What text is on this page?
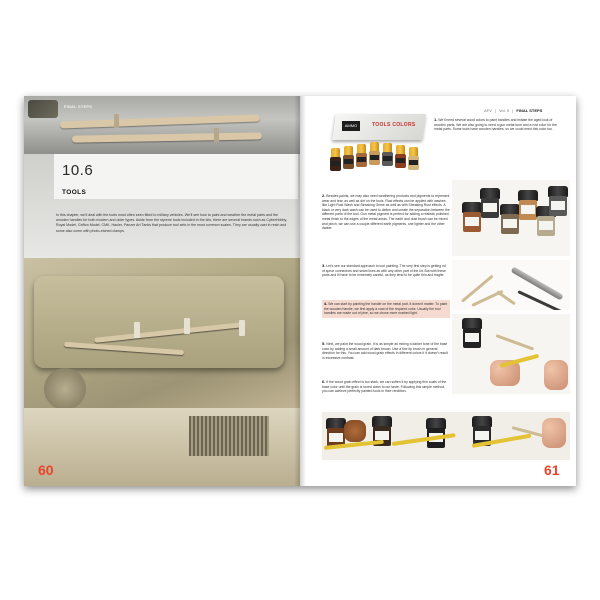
FINAL STEPS
10.6
TOOLS
In this chapter, we'll deal with the tools most often seen fitted to military vehicles. We'll see how to paint and weather the metal parts and the wooden handles for both modern and older types. Aside from the styrene tools included in the kits, there are several brands such as CyberHobby, Royal Model, Griffon Model, CMK, Hauler, Panzer Art Tanks that produce tool sets in the most common scales. They are usually cast in resin and some also come with photo-etched clamps.
60
AFV | Vol. 5 | FINAL STEPS
AMMO	TOOLS COLORS
1. We'll need several wood colors to paint handles and imitate the aged look of wooden parts. We are also going to need a gun metal tone and a rust color for the metal parts. Some tools have wooden handles, so we could need this color too.
2. Besides paints, we may also need weathering products and pigments to represent wear and tear, as well as dirt on the tools. Rust effects can be applied with washes like Light Rust Wash and Streaking Grime as well as with Streaking Rust effects. A black or very dark wash can be used to define and create the separation between the different parts of the tool. Gun metal pigment is perfect for adding a realistic polished metal finish to the edges of the metal areas. The earth and dust brush can be mixed and pinch, we can use a couple different earth pigments, one lighter and the other darker.
3. Let's see our standard approach to tool painting. The very first step is getting rid of sprue connectors and seam lines as with any other part of the kit. But with these parts and Ill have to be extremely careful, as they tend to be quite thin and fragile.
4. We can start by painting the handle on the metal part, it doesn't matter. To paint the wooden handle, we first apply a coat of the required color. Usually the tool handles are made out of pine, so we chose more marked light.
5. Next, we paint the wood grain. It is as simple as mixing a darker tone of the base color by adding a small amount of dark brown. Use a fine tip brush in general direction for this. You can add wood grain effects in different colors if it doesn't result in excessive contrast.
6. If the wood grain effect is too stark, we can soften it by applying thin coats of the base color until the grain is toned down to our taste. Following this simple method, you can achieve perfectly painted tools in their rendition.
61
